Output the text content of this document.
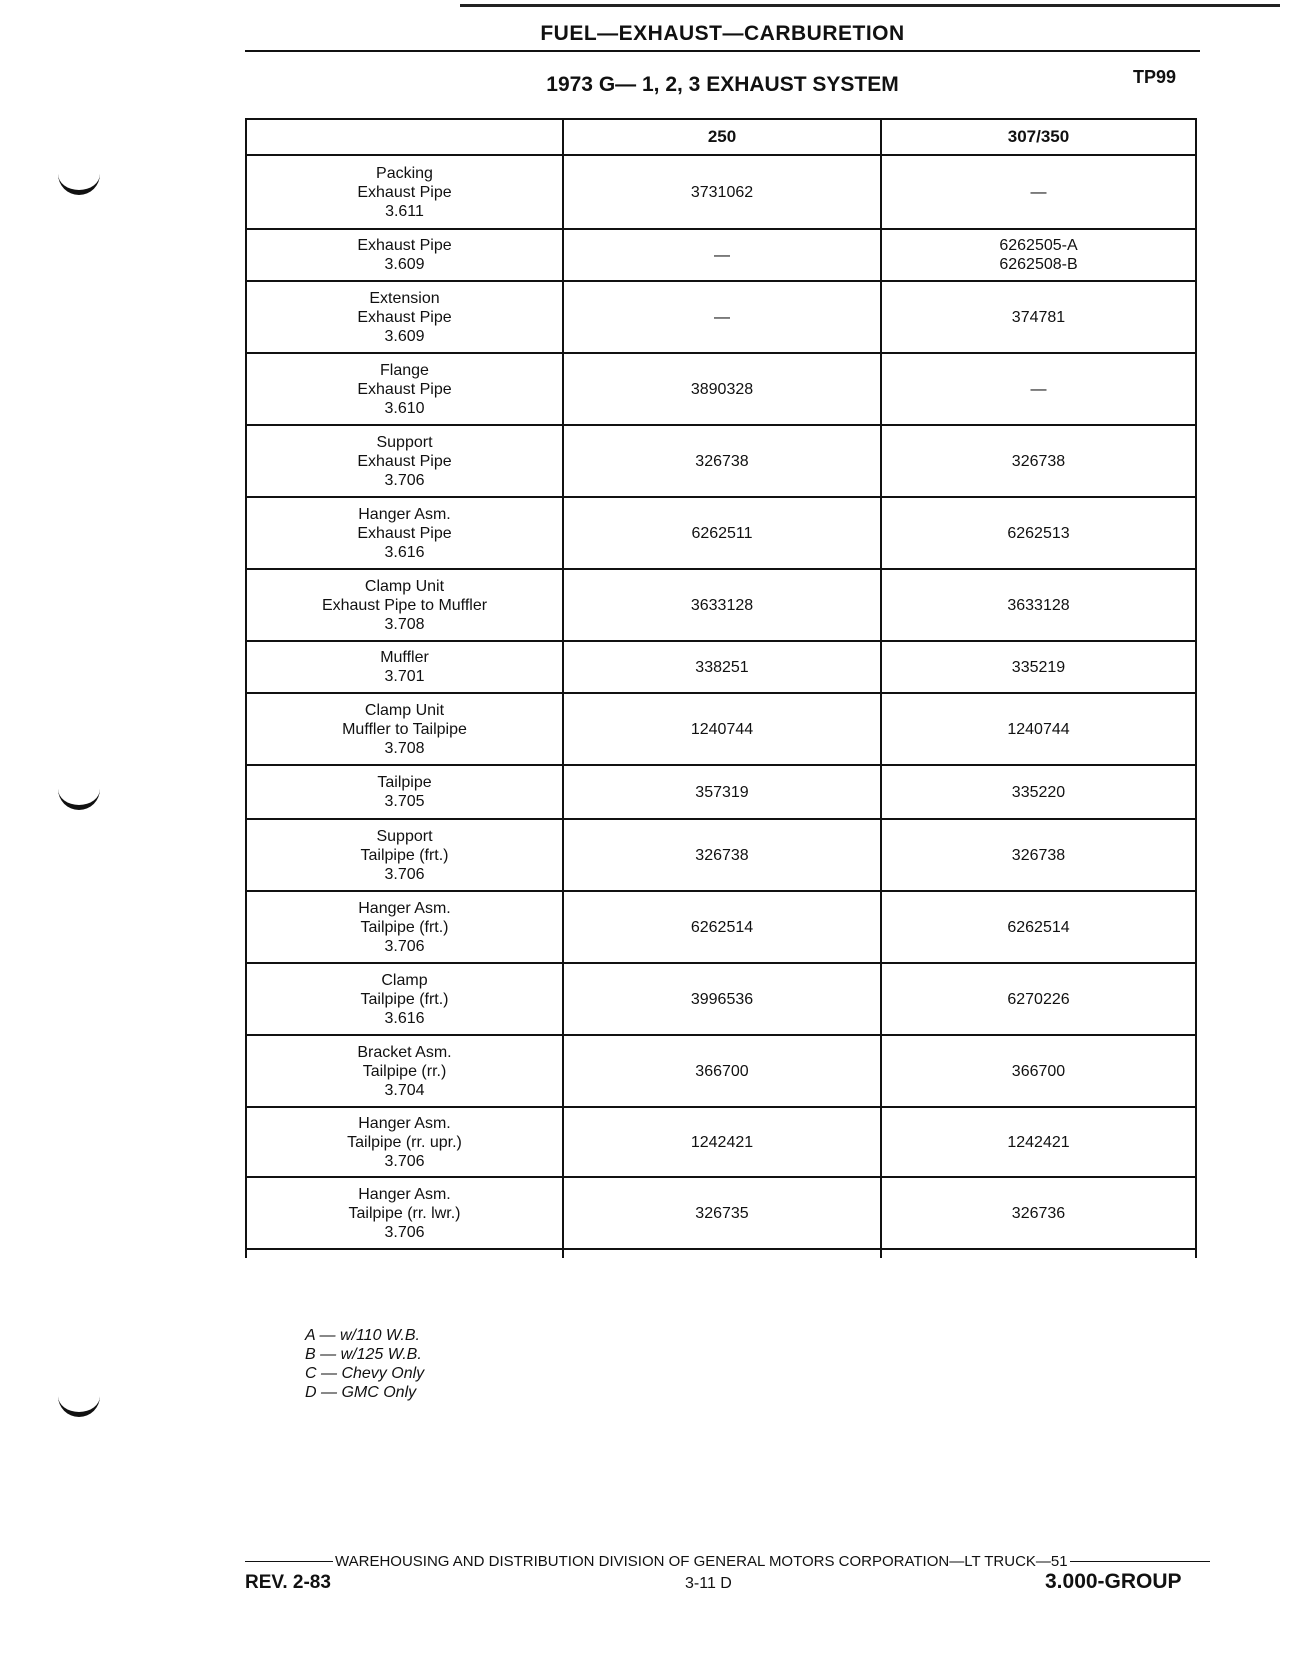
FUEL—EXHAUST—CARBURETION
1973 G— 1, 2, 3 EXHAUST SYSTEM	TP99
	250	307/350

Packing
Exhaust Pipe
3.611	3731062	—

Exhaust Pipe
3.609	—	6262505-A
6262508-B

Extension
Exhaust Pipe
3.609	—	374781

Flange
Exhaust Pipe
3.610	3890328	—

Support
Exhaust Pipe
3.706	326738	326738

Hanger Asm.
Exhaust Pipe
3.616	6262511	6262513

Clamp Unit
Exhaust Pipe to Muffler
3.708	3633128	3633128

Muffler
3.701	338251	335219

Clamp Unit
Muffler to Tailpipe
3.708	1240744	1240744

Tailpipe
3.705	357319	335220

Support
Tailpipe (frt.)
3.706	326738	326738

Hanger Asm.
Tailpipe (frt.)
3.706	6262514	6262514

Clamp
Tailpipe (frt.)
3.616	3996536	6270226

Bracket Asm.
Tailpipe (rr.)
3.704	366700	366700

Hanger Asm.
Tailpipe (rr. upr.)
3.706	1242421	1242421

Hanger Asm.
Tailpipe (rr. lwr.)
3.706	326735	326736

A — w/110 W.B.
B — w/125 W.B.
C — Chevy Only
D — GMC Only
WAREHOUSING AND DISTRIBUTION DIVISION OF GENERAL MOTORS CORPORATION—LT TRUCK—51
REV. 2-83	3-11 D	3.000-GROUP
